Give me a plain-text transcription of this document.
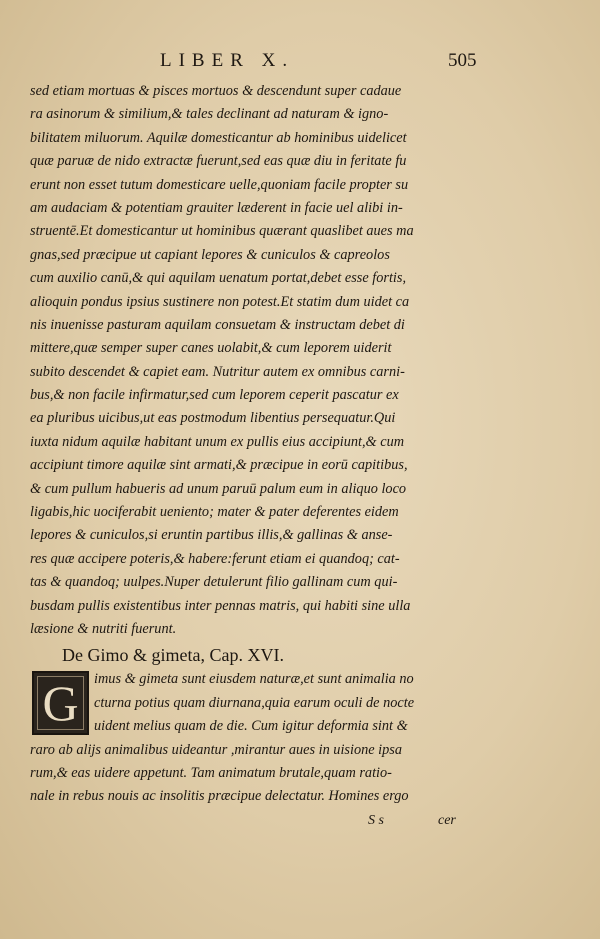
LIBER X.	505
sed etiam mortuas & pisces mortuos & descendunt super cadaue
ra asinorum & similium,& tales declinant ad naturam & igno-
bilitatem miluorum. Aquilæ domesticantur ab hominibus uidelicet
quæ paruæ de nido extractæ fuerunt,sed eas quæ diu in feritate fu
erunt non esset tutum domesticare uelle,quoniam facile propter su
am audaciam & potentiam grauiter læderent in facie uel alibi in-
struentē.Et domesticantur ut hominibus quærant quaslibet aues ma
gnas,sed præcipue ut capiant lepores & cuniculos & capreolos
cum auxilio canū,& qui aquilam uenatum portat,debet esse fortis,
alioquin pondus ipsius sustinere non potest.Et statim dum uidet ca
nis inuenisse pasturam aquilam consuetam & instructam debet di
mittere,quæ semper super canes uolabit,& cum leporem uiderit
subito descendet & capiet eam. Nutritur autem ex omnibus carni-
bus,& non facile infirmatur,sed cum leporem ceperit pascatur ex
ea pluribus uicibus,ut eas postmodum libentius persequatur.Qui
iuxta nidum aquilæ habitant unum ex pullis eius accipiunt,& cum
accipiunt timore aquilæ sint armati,& præcipue in eorū capitibus,
& cum pullum habueris ad unum paruū palum eum in aliquo loco
ligabis,hic uociferabit ueniento; mater & pater deferentes eidem
lepores & cuniculos,si eruntin partibus illis,& gallinas & anse-
res quæ accipere poteris,& habere:ferunt etiam ei quandoq; cat-
tas & quandoq; uulpes.Nuper detulerunt filio gallinam cum qui-
busdam pullis existentibus inter pennas matris, qui habiti sine ulla
læsione & nutriti fuerunt.
De Gimo & gimeta, Cap. XVI.
G	imus & gimeta sunt eiusdem naturæ,et sunt animalia no
cturna potius quam diurnana,quia earum oculi de nocte
uident melius quam de die. Cum igitur deformia sint &
raro ab alijs animalibus uideantur ,mirantur aues in uisione ipsa
rum,& eas uidere appetunt. Tam animatum brutale,quam ratio-
nale in rebus nouis ac insolitis præcipue delectatur. Homines ergo
S s	cer
